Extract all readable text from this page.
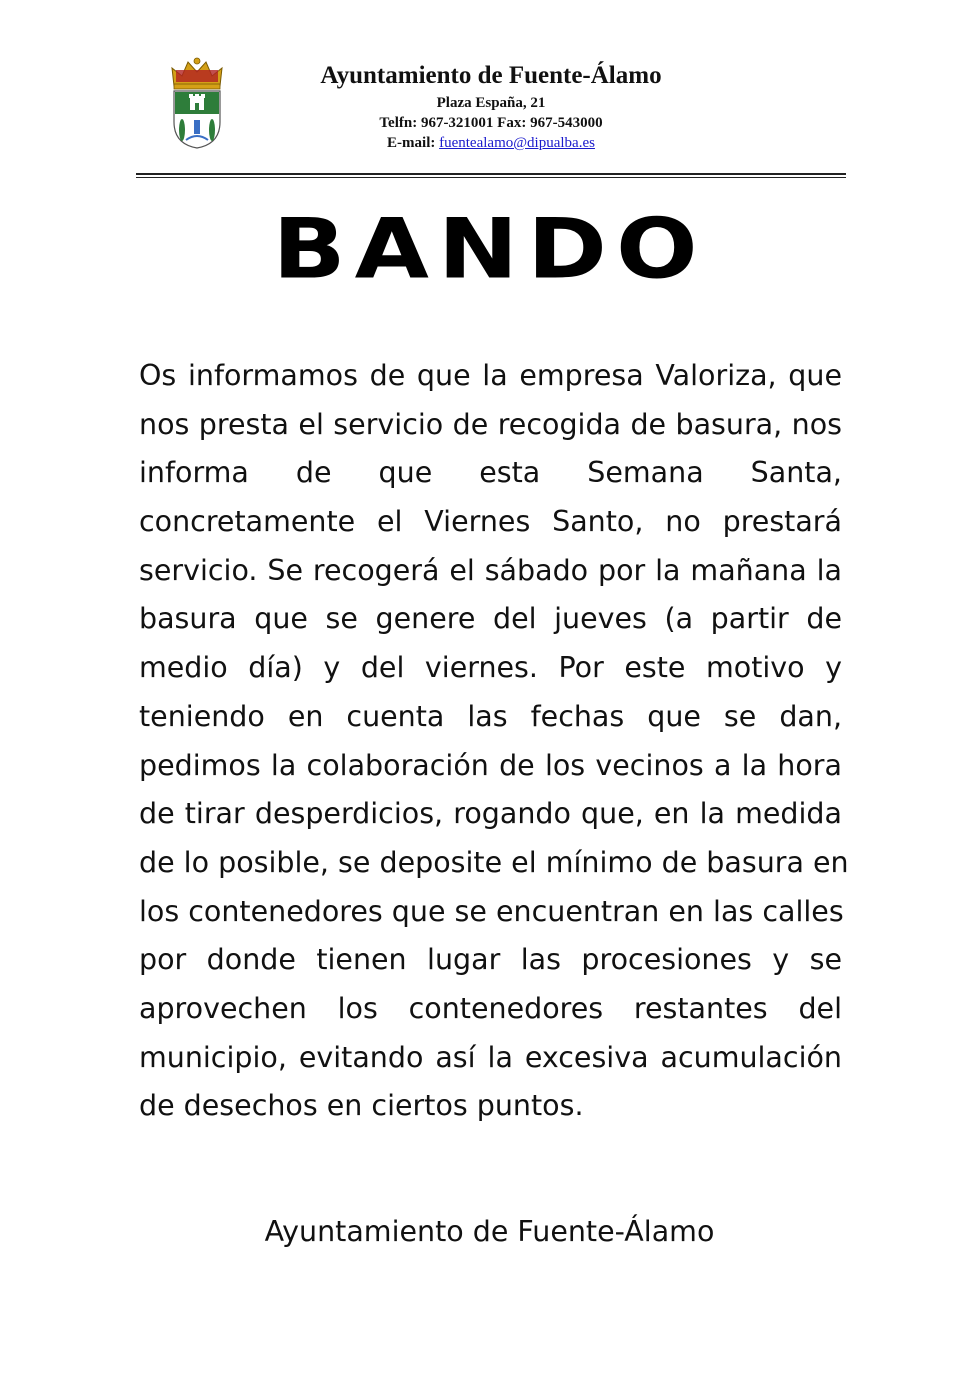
Ayuntamiento de Fuente-Álamo
Plaza España, 21
Telfn: 967-321001 Fax: 967-543000
E-mail: fuentealamo@dipualba.es
BANDO
Os informamos de que la empresa Valoriza, que
nos presta el servicio de recogida de basura, nos
informa de que esta Semana Santa,
concretamente el Viernes Santo, no prestará
servicio. Se recogerá el sábado por la mañana la
basura que se genere del jueves (a partir de
medio día) y del viernes. Por este motivo y
teniendo en cuenta las fechas que se dan,
pedimos la colaboración de los vecinos a la hora
de tirar desperdicios, rogando que, en la medida
de lo posible, se deposite el mínimo de basura en
los contenedores que se encuentran en las calles
por donde tienen lugar las procesiones y se
aprovechen los contenedores restantes del
municipio, evitando así la excesiva acumulación
de desechos en ciertos puntos.
Ayuntamiento de Fuente-Álamo
